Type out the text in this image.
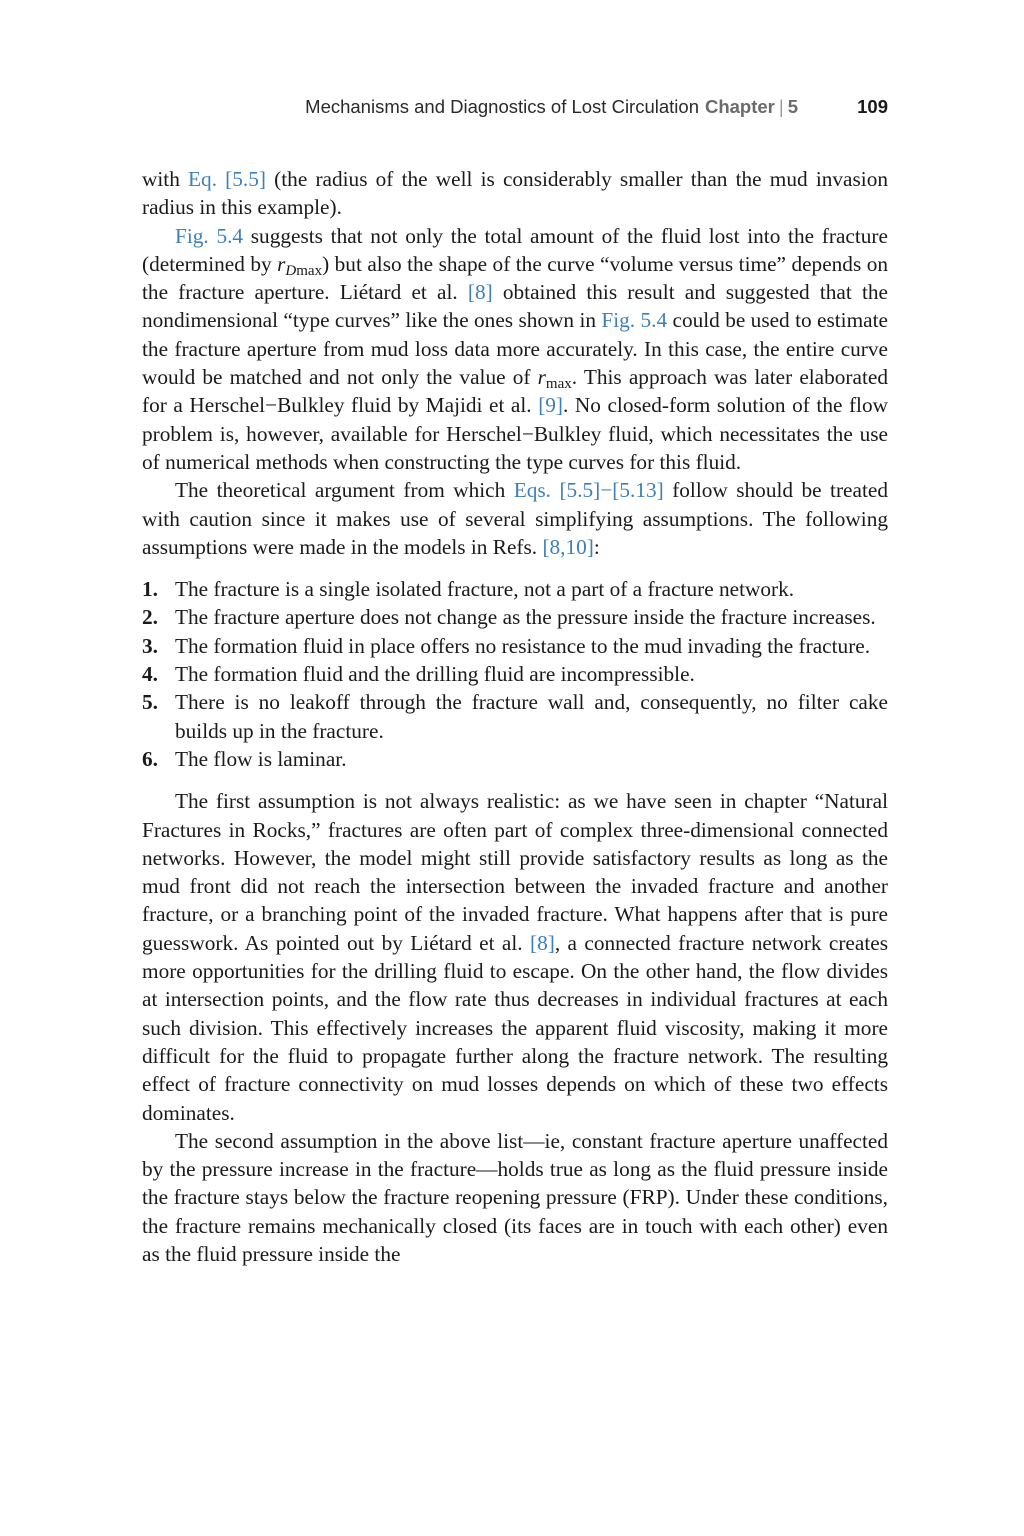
Mechanisms and Diagnostics of Lost Circulation Chapter | 5	109

with Eq. [5.5] (the radius of the well is considerably smaller than the mud invasion radius in this example).

Fig. 5.4 suggests that not only the total amount of the fluid lost into the fracture (determined by $r_{Dmax}$) but also the shape of the curve “volume versus time” depends on the fracture aperture. Liétard et al. [8] obtained this result and suggested that the nondimensional “type curves” like the ones shown in Fig. 5.4 could be used to estimate the fracture aperture from mud loss data more accurately. In this case, the entire curve would be matched and not only the value of $r_{max}$. This approach was later elaborated for a Herschel−Bulkley fluid by Majidi et al. [9]. No closed-form solution of the flow problem is, however, available for Herschel−Bulkley fluid, which necessitates the use of numerical methods when constructing the type curves for this fluid.

The theoretical argument from which Eqs. [5.5]−[5.13] follow should be treated with caution since it makes use of several simplifying assumptions. The following assumptions were made in the models in Refs. [8,10]:

1. The fracture is a single isolated fracture, not a part of a fracture network.
2. The fracture aperture does not change as the pressure inside the fracture increases.
3. The formation fluid in place offers no resistance to the mud invading the fracture.
4. The formation fluid and the drilling fluid are incompressible.
5. There is no leakoff through the fracture wall and, consequently, no filter cake builds up in the fracture.
6. The flow is laminar.

The first assumption is not always realistic: as we have seen in chapter “Natural Fractures in Rocks,” fractures are often part of complex three-dimensional connected networks. However, the model might still provide satisfactory results as long as the mud front did not reach the intersection between the invaded fracture and another fracture, or a branching point of the invaded fracture. What happens after that is pure guesswork. As pointed out by Liétard et al. [8], a connected fracture network creates more opportunities for the drilling fluid to escape. On the other hand, the flow divides at intersection points, and the flow rate thus decreases in individual fractures at each such division. This effectively increases the apparent fluid viscosity, making it more difficult for the fluid to propagate further along the fracture network. The resulting effect of fracture connectivity on mud losses depends on which of these two effects dominates.

The second assumption in the above list—ie, constant fracture aperture unaffected by the pressure increase in the fracture—holds true as long as the fluid pressure inside the fracture stays below the fracture reopening pressure (FRP). Under these conditions, the fracture remains mechanically closed (its faces are in touch with each other) even as the fluid pressure inside the
